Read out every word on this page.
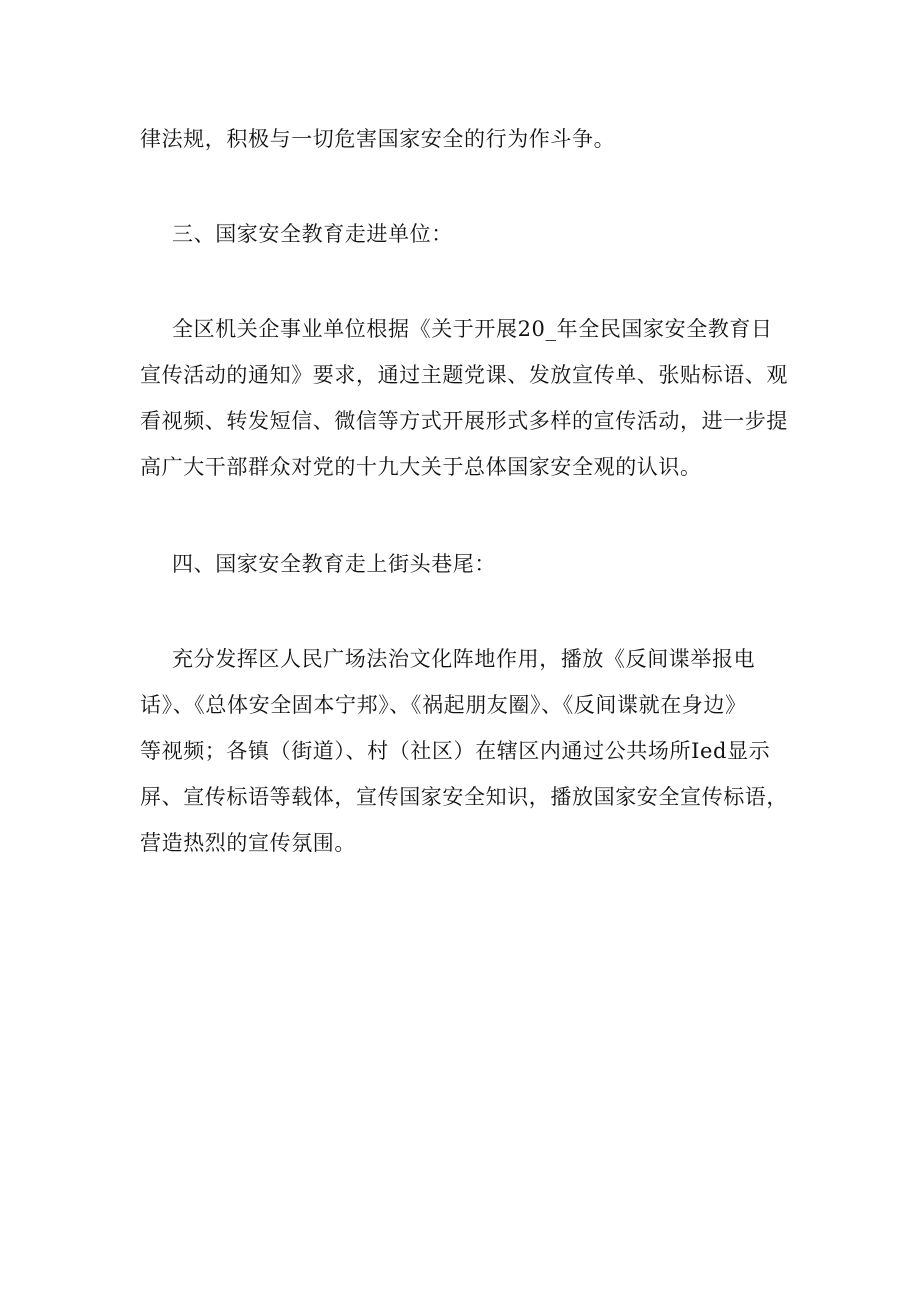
律法规，积极与一切危害国家安全的行为作斗争。
三、国家安全教育走进单位：
全区机关企事业单位根据《关于开展20_年全民国家安全教育日
宣传活动的通知》要求，通过主题党课、发放宣传单、张贴标语、观
看视频、转发短信、微信等方式开展形式多样的宣传活动，进一步提
高广大干部群众对党的十九大关于总体国家安全观的认识。
四、国家安全教育走上街头巷尾：
充分发挥区人民广场法治文化阵地作用，播放《反间谍举报电
话》、《总体安全固本宁邦》、《祸起朋友圈》、《反间谍就在身边》
等视频；各镇（街道）、村（社区）在辖区内通过公共场所Ied显示
屏、宣传标语等载体，宣传国家安全知识，播放国家安全宣传标语，
营造热烈的宣传氛围。
